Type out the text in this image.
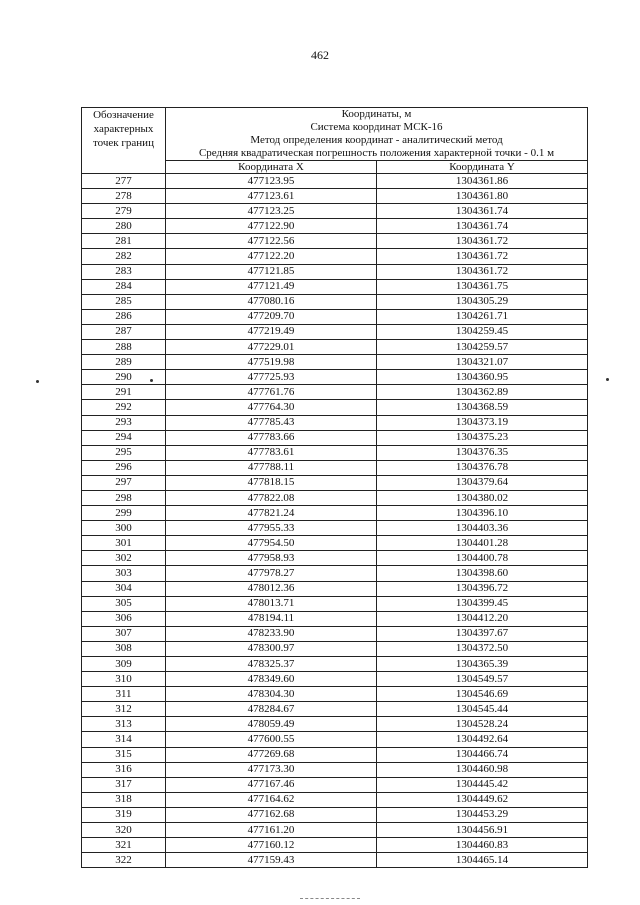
462
Обозначение
характерных
точек границ	Координаты, м
Система координат МСК-16
Метод определения координат - аналитический метод
Средняя квадратическая погрешность положения характерной точки - 0.1 м	

	Координата X	Координата Y
277	477123.95	1304361.86
278	477123.61	1304361.80
279	477123.25	1304361.74
280	477122.90	1304361.74
281	477122.56	1304361.72
282	477122.20	1304361.72
283	477121.85	1304361.72
284	477121.49	1304361.75
285	477080.16	1304305.29
286	477209.70	1304261.71
287	477219.49	1304259.45
288	477229.01	1304259.57
289	477519.98	1304321.07
290	477725.93	1304360.95
291	477761.76	1304362.89
292	477764.30	1304368.59
293	477785.43	1304373.19
294	477783.66	1304375.23
295	477783.61	1304376.35
296	477788.11	1304376.78
297	477818.15	1304379.64
298	477822.08	1304380.02
299	477821.24	1304396.10
300	477955.33	1304403.36
301	477954.50	1304401.28
302	477958.93	1304400.78
303	477978.27	1304398.60
304	478012.36	1304396.72
305	478013.71	1304399.45
306	478194.11	1304412.20
307	478233.90	1304397.67
308	478300.97	1304372.50
309	478325.37	1304365.39
310	478349.60	1304549.57
311	478304.30	1304546.69
312	478284.67	1304545.44
313	478059.49	1304528.24
314	477600.55	1304492.64
315	477269.68	1304466.74
316	477173.30	1304460.98
317	477167.46	1304445.42
318	477164.62	1304449.62
319	477162.68	1304453.29
320	477161.20	1304456.91
321	477160.12	1304460.83
322	477159.43	1304465.14
